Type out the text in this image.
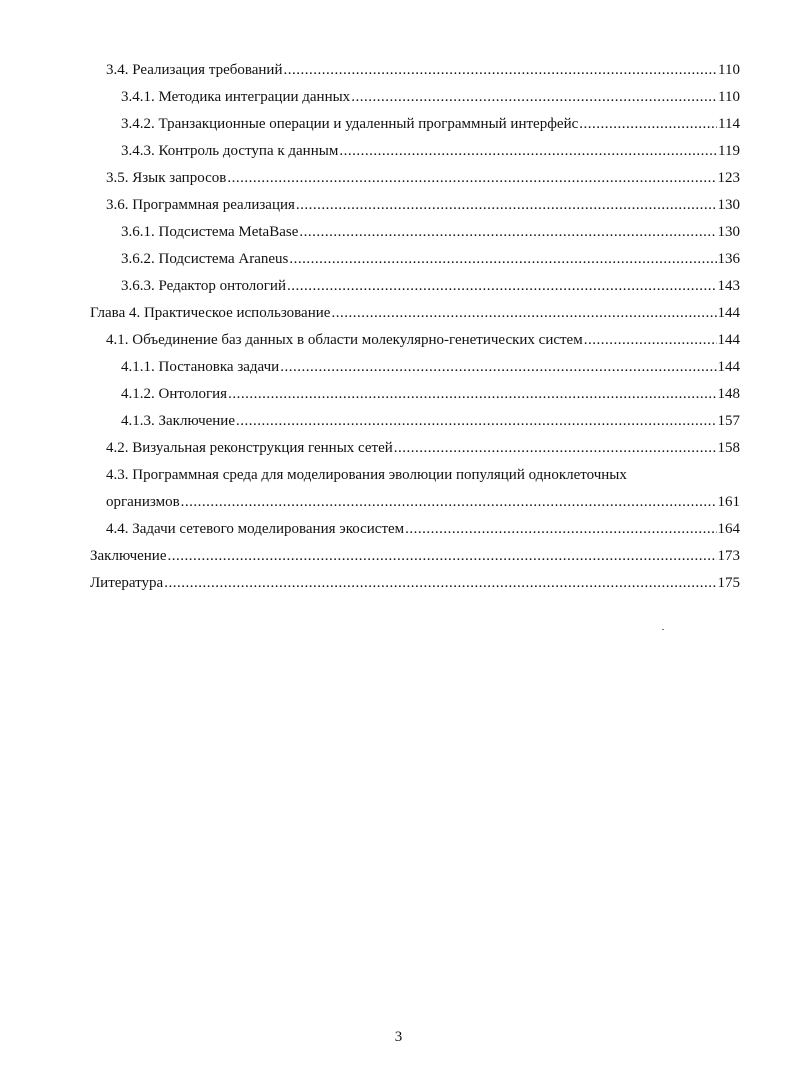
3.4. Реализация требований .....	110
3.4.1. Методика интеграции данных .....	110
3.4.2. Транзакционные операции и удаленный программный интерфейс .....	114
3.4.3. Контроль доступа к данным .....	119
3.5. Язык запросов .....	123
3.6. Программная реализация .....	130
3.6.1. Подсистема MetaBase .....	130
3.6.2. Подсистема Araneus .....	136
3.6.3. Редактор онтологий .....	143
Глава 4. Практическое использование .....	144
4.1. Объединение баз данных в области молекулярно-генетических систем .....	144
4.1.1. Постановка задачи .....	144
4.1.2. Онтология .....	148
4.1.3. Заключение .....	157
4.2. Визуальная реконструкция генных сетей .....	158
4.3. Программная среда для моделирования эволюции популяций одноклеточных
организмов .....	161
4.4. Задачи сетевого моделирования экосистем .....	164
Заключение .....	173
Литература .....	175
3
